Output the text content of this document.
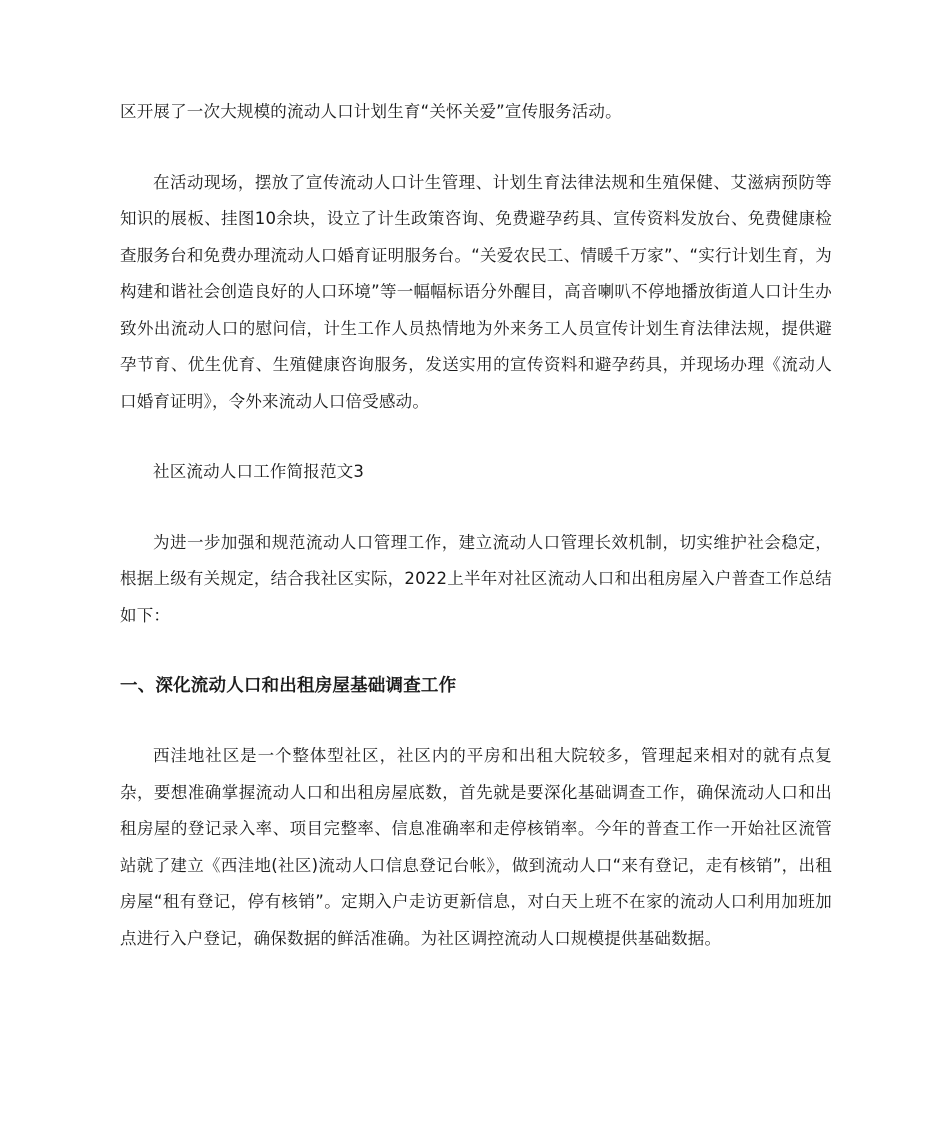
区开展了一次大规模的流动人口计划生育“关怀关爱”宣传服务活动。

在活动现场，摆放了宣传流动人口计生管理、计划生育法律法规和生殖保健、艾滋病预防等知识的展板、挂图10余块，设立了计生政策咨询、免费避孕药具、宣传资料发放台、免费健康检查服务台和免费办理流动人口婚育证明服务台。“关爱农民工、情暖千万家”、“实行计划生育，为构建和谐社会创造良好的人口环境”等一幅幅标语分外醒目，高音喇叭不停地播放街道人口计生办致外出流动人口的慰问信，计生工作人员热情地为外来务工人员宣传计划生育法律法规，提供避孕节育、优生优育、生殖健康咨询服务，发送实用的宣传资料和避孕药具，并现场办理《流动人口婚育证明》，令外来流动人口倍受感动。

社区流动人口工作简报范文3

为进一步加强和规范流动人口管理工作，建立流动人口管理长效机制，切实维护社会稳定，根据上级有关规定，结合我社区实际，2022上半年对社区流动人口和出租房屋入户普查工作总结如下：

一、深化流动人口和出租房屋基础调查工作

西洼地社区是一个整体型社区，社区内的平房和出租大院较多，管理起来相对的就有点复杂，要想准确掌握流动人口和出租房屋底数，首先就是要深化基础调查工作，确保流动人口和出租房屋的登记录入率、项目完整率、信息准确率和走停核销率。今年的普查工作一开始社区流管站就了建立《西洼地(社区)流动人口信息登记台帐》，做到流动人口“来有登记，走有核销”，出租房屋“租有登记，停有核销”。定期入户走访更新信息，对白天上班不在家的流动人口利用加班加点进行入户登记，确保数据的鲜活准确。为社区调控流动人口规模提供基础数据。
